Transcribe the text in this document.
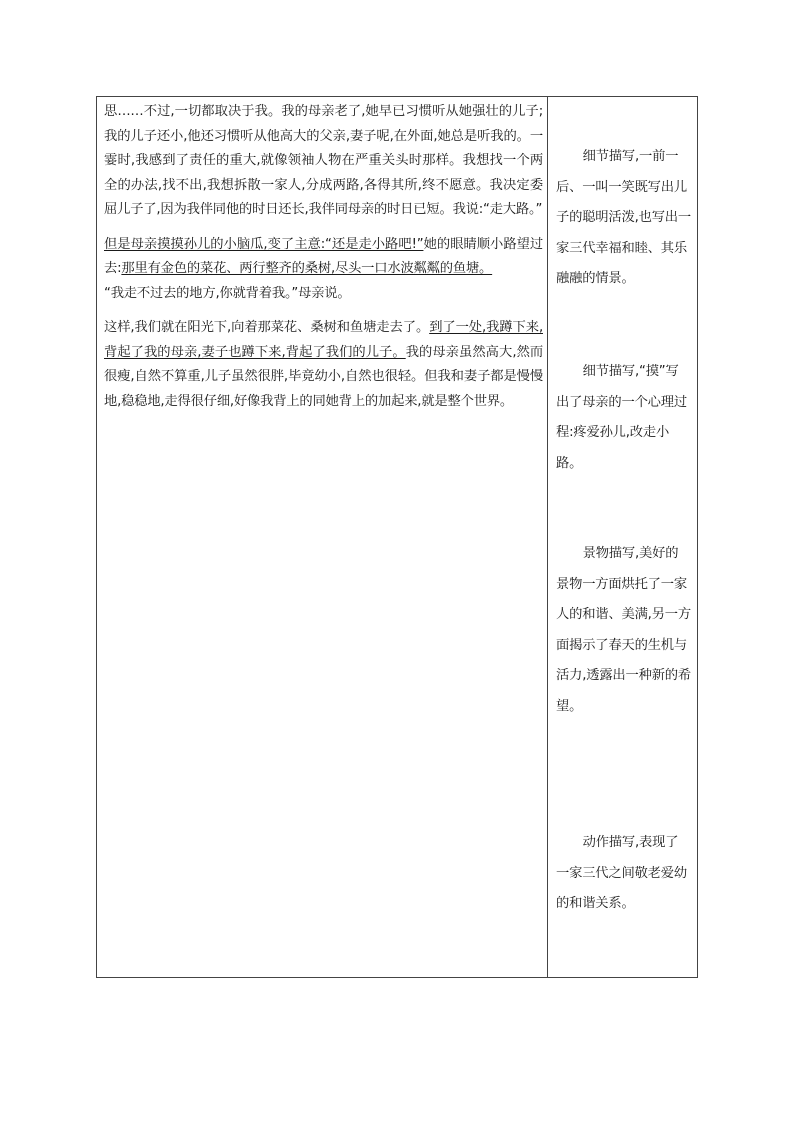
思……不过,一切都取决于我。我的母亲老了,她早已习惯听从她强壮的儿子;我的儿子还小,他还习惯听从他高大的父亲,妻子呢,在外面,她总是听我的。一霎时,我感到了责任的重大,就像领袖人物在严重关头时那样。我想找一个两全的办法,找不出,我想拆散一家人,分成两路,各得其所,终不愿意。我决定委屈儿子了,因为我伴同他的时日还长,我伴同母亲的时日已短。我说:“走大路。”

但是母亲摸摸孙儿的小脑瓜,变了主意:“还是走小路吧!”她的眼睛顺小路望过去:那里有金色的菜花、两行整齐的桑树,尽头一口水波粼粼的鱼塘。
“我走不过去的地方,你就背着我。”母亲说。

这样,我们就在阳光下,向着那菜花、桑树和鱼塘走去了。到了一处,我蹲下来,背起了我的母亲,妻子也蹲下来,背起了我们的儿子。我的母亲虽然高大,然而很瘦,自然不算重,儿子虽然很胖,毕竟幼小,自然也很轻。但我和妻子都是慢慢地,稳稳地,走得很仔细,好像我背上的同她背上的加起来,就是整个世界。

细节描写,一前一后、一叫一笑既写出儿子的聪明活泼,也写出一家三代幸福和睦、其乐融融的情景。
细节描写,“摸”写出了母亲的一个心理过程:疼爱孙儿,改走小路。
景物描写,美好的景物一方面烘托了一家人的和谐、美满,另一方面揭示了春天的生机与活力,透露出一种新的希望。
动作描写,表现了一家三代之间敬老爱幼的和谐关系。
